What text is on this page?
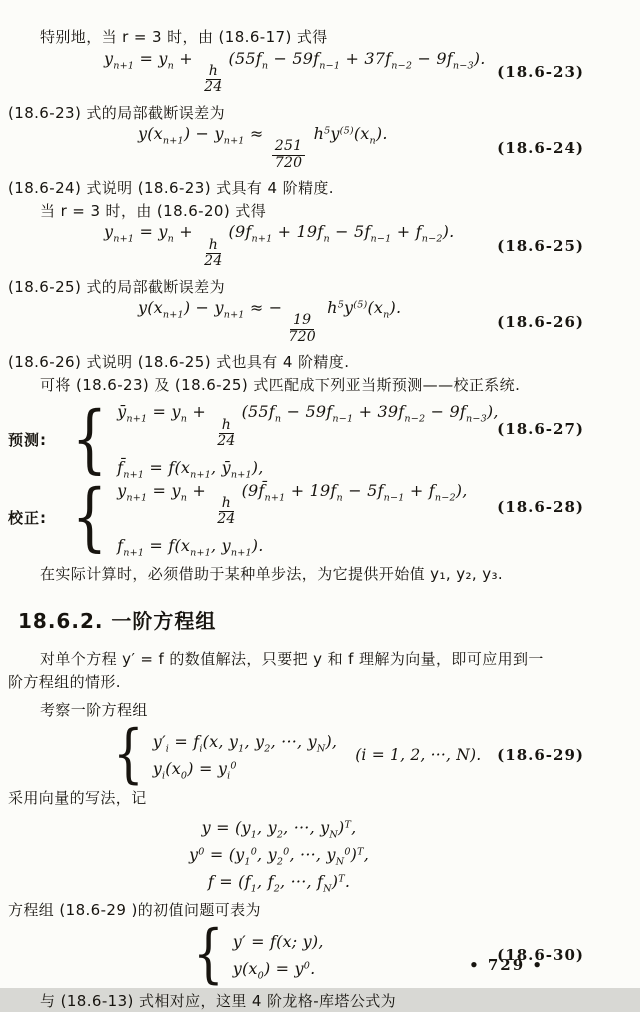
特别地，当 r = 3 时，由 (18.6-17) 式得

$y_{n+1} = y_n$ +
$\frac{h}{24}$
$(55f_n - 59f_{n-1} + 37f_{n-2} - 9f_{n-3})$.
(18.6-23)

(18.6-23) 式的局部截断误差为

$y(x_{n+1}) - y_{n+1}$ ≈
$\frac{251}{720}$
$h^5y^{(5)}(x_n)$.
(18.6-24)

(18.6-24) 式说明 (18.6-23) 式具有 4 阶精度.

当 r = 3 时，由 (18.6-20) 式得

$y_{n+1} = y_n$ +
$\frac{h}{24}$
$(9f_{n+1} + 19f_n - 5f_{n-1} + f_{n-2})$.
(18.6-25)

(18.6-25) 式的局部截断误差为

$y(x_{n+1}) - y_{n+1}$ ≈ −
$\frac{19}{720}$
$h^5y^{(5)}(x_n)$.
(18.6-26)

(18.6-26) 式说明 (18.6-25) 式也具有 4 阶精度.

可将 (18.6-23) 及 (18.6-25) 式匹配成下列亚当斯预测——校正系统.

预测: { $ȳ_{n+1} = y_n$ +
$\frac{h}{24}$
$(55f_n - 59f_{n-1} + 39f_{n-2} - 9f_{n-3})$,
$f̄_{n+1} = f(x_{n+1}$, $ȳ_{n+1}$),
(18.6-27)
校正: { $y_{n+1} = y_n$ +
$\frac{h}{24}$
$(9f̄_{n+1} + 19f_n - 5f_{n-1} + f_{n-2})$,
$f_{n+1} = f(x_{n+1}$, $y_{n+1}$).
(18.6-28)

在实际计算时，必须借助于某种单步法，为它提供开始值 y₁, y₂, y₃.

18.6.2. 一阶方程组

对单个方程 y′ = f 的数值解法，只要把 y 和 f 理解为向量，即可应用到一

阶方程组的情形.

考察一阶方程组

{ $y'_i = f_i(x$, $y_1$, $y_2$, ···, $y_N$),
$y_i(x_0) = y_i^0$
(i = 1, 2, ···, N). (18.6-29)

采用向量的写法，记

$y = (y_1$, $y_2$, ···, $y_N)^T$,
$y^0 = (y_1^0$, $y_2^0$, ···, $y_N^0)^T$,
$f = (f_1$, $f_2$, ···, $f_N)^T$.

方程组 (18.6-29 )的初值问题可表为

{ y′ = f(x; y),
$y(x_0) = y^0$.
(18.6-30)

与 (18.6-13) 式相对应，这里 4 阶龙格-库塔公式为

• 729 •
